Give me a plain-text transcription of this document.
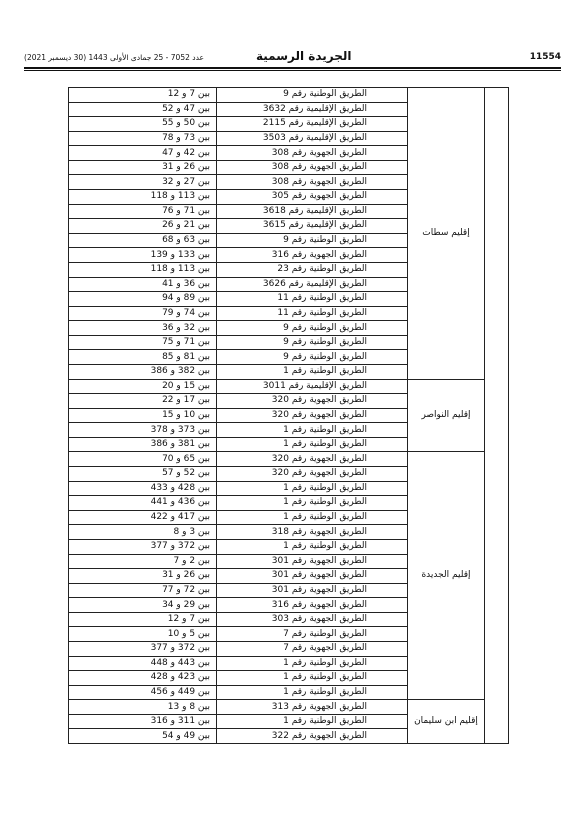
11554
الجريدة الرسمية
عدد 7052 - 25 جمادى الأولى 1443 (30 ديسمبر 2021)
	إقليم سطات	الطريق الوطنية رقم 9	بين 7 و 12
		الطريق الإقليمية رقم 3632	بين 47 و 52
		الطريق الإقليمية رقم 2115	بين 50 و 55
		الطريق الإقليمية رقم 3503	بين 73 و 78
		الطريق الجهوية رقم 308	بين 42 و 47
		الطريق الجهوية رقم 308	بين 26 و 31
		الطريق الجهوية رقم 308	بين 27 و 32
		الطريق الجهوية رقم 305	بين 113 و 118
		الطريق الإقليمية رقم 3618	بين 71 و 76
		الطريق الإقليمية رقم 3615	بين 21 و 26
		الطريق الوطنية رقم 9	بين 63 و 68
		الطريق الجهوية رقم 316	بين 133 و 139
		الطريق الوطنية رقم 23	بين 113 و 118
		الطريق الإقليمية رقم 3626	بين 36 و 41
		الطريق الوطنية رقم 11	بين 89 و 94
		الطريق الوطنية رقم 11	بين 74 و 79
		الطريق الوطنية رقم 9	بين 32 و 36
		الطريق الوطنية رقم 9	بين 71 و 75
		الطريق الوطنية رقم 9	بين 81 و 85
		الطريق الوطنية رقم 1	بين 382 و 386
	إقليم النواصر	الطريق الإقليمية رقم 3011	بين 15 و 20
		الطريق الجهوية رقم 320	بين 17 و 22
		الطريق الجهوية رقم 320	بين 10 و 15
		الطريق الوطنية رقم 1	بين 373 و 378
		الطريق الوطنية رقم 1	بين 381 و 386
	إقليم الجديدة	الطريق الجهوية رقم 320	بين 65 و 70
		الطريق الجهوية رقم 320	بين 52 و 57
		الطريق الوطنية رقم 1	بين 428 و 433
		الطريق الوطنية رقم 1	بين 436 و 441
		الطريق الوطنية رقم 1	بين 417 و 422
		الطريق الجهوية رقم 318	بين 3 و 8
		الطريق الوطنية رقم 1	بين 372 و 377
		الطريق الجهوية رقم 301	بين 2 و 7
		الطريق الجهوية رقم 301	بين 26 و 31
		الطريق الجهوية رقم 301	بين 72 و 77
		الطريق الجهوية رقم 316	بين 29 و 34
		الطريق الجهوية رقم 303	بين 7 و 12
		الطريق الوطنية رقم 7	بين 5 و 10
		الطريق الجهوية رقم 7	بين 372 و 377
		الطريق الوطنية رقم 1	بين 443 و 448
		الطريق الوطنية رقم 1	بين 423 و 428
		الطريق الوطنية رقم 1	بين 449 و 456
	إقليم ابن سليمان	الطريق الجهوية رقم 313	بين 8 و 13
		الطريق الوطنية رقم 1	بين 311 و 316
		الطريق الجهوية رقم 322	بين 49 و 54
